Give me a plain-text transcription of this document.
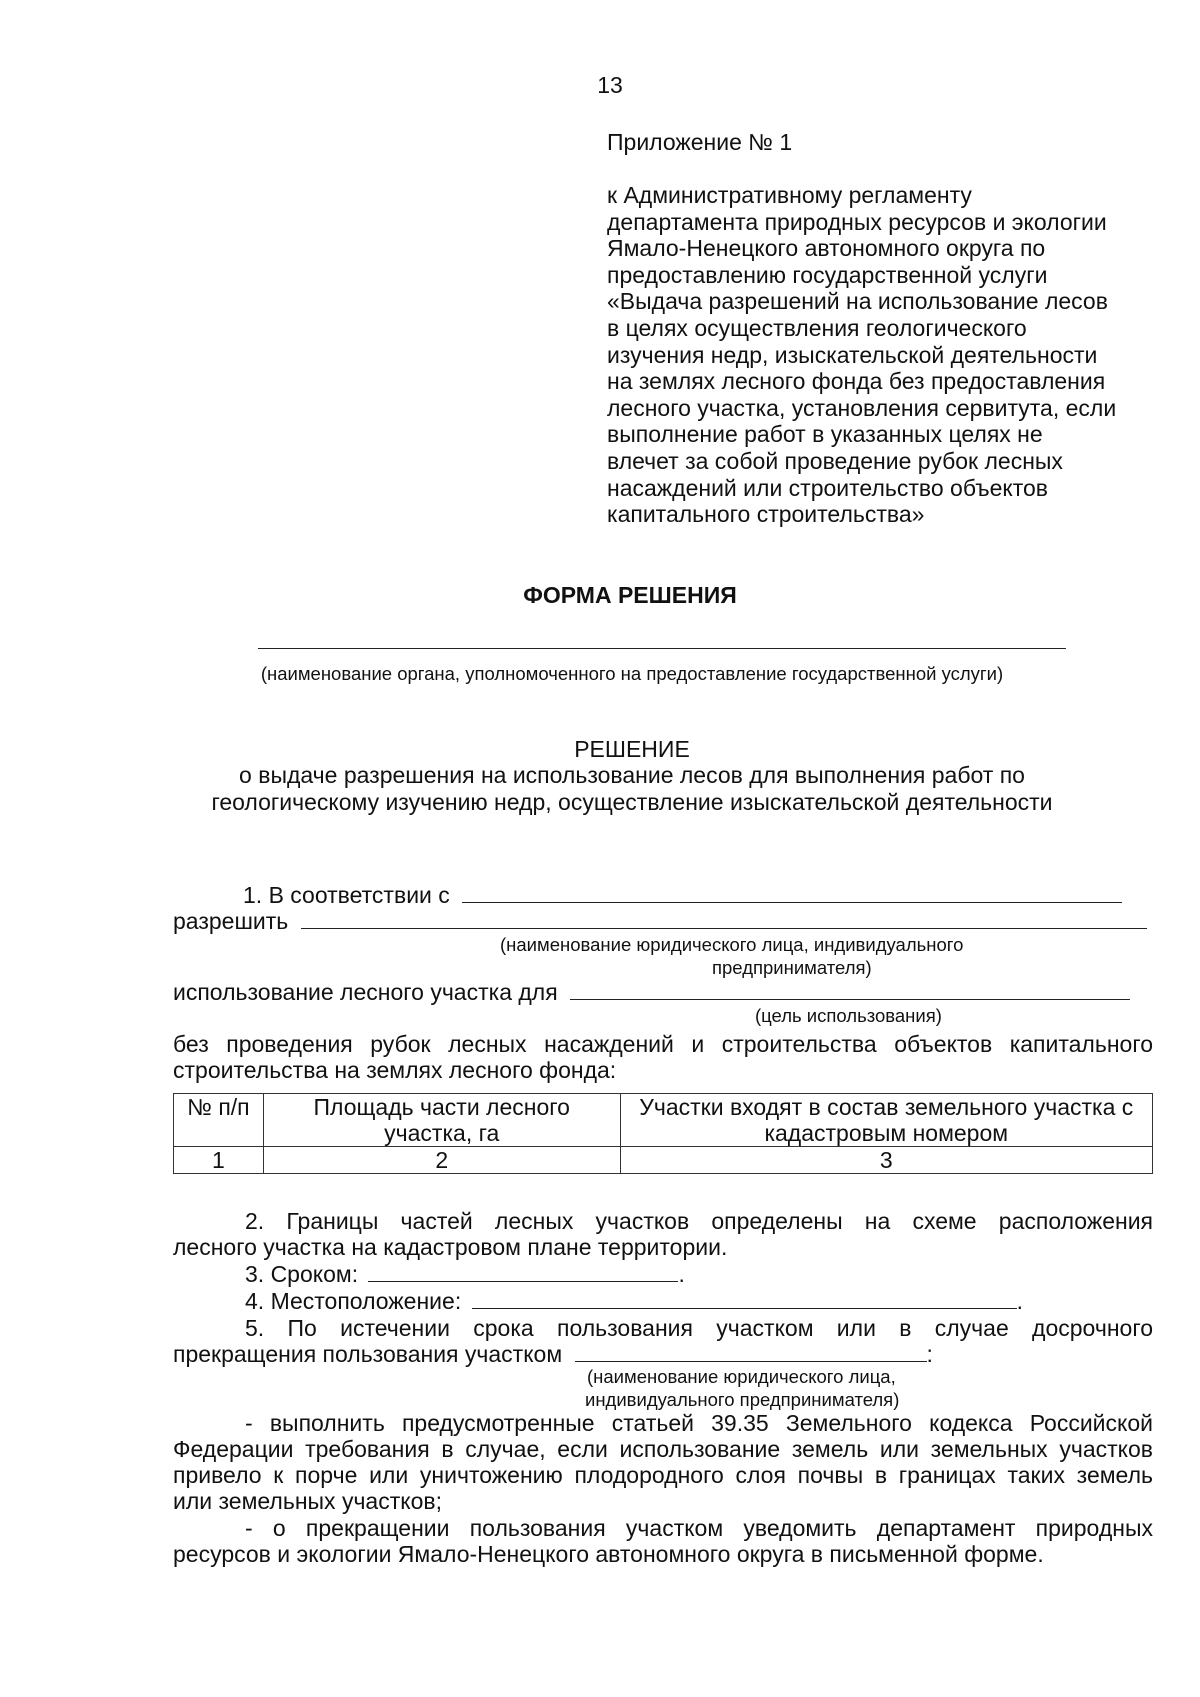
13
Приложение № 1
к Административному регламенту
департамента природных ресурсов и экологии
Ямало-Ненецкого автономного округа по
предоставлению государственной услуги
«Выдача разрешений на использование лесов
в целях осуществления геологического
изучения недр, изыскательской деятельности
на землях лесного фонда без предоставления
лесного участка, установления сервитута, если
выполнение работ в указанных целях не
влечет за собой проведение рубок лесных
насаждений или строительство объектов
капитального строительства»
ФОРМА РЕШЕНИЯ
(наименование органа, уполномоченного на предоставление государственной услуги)
РЕШЕНИЕ
о выдаче разрешения на использование лесов для выполнения работ по
геологическому изучению недр, осуществление изыскательской деятельности
1. В соответствии с
разрешить
(наименование юридического лица, индивидуального
предпринимателя)
использование лесного участка для
(цель использования)
без проведения рубок лесных насаждений и строительства объектов капитального
строительства на землях лесного фонда:
№ п/п	Площадь части лесного участка, га	Участки входят в состав земельного участка с кадастровым номером
1	2	3
2. Границы частей лесных участков определены на схеме расположения
лесного участка на кадастровом плане территории.
3. Сроком:	.
4. Местоположение:	.
5. По истечении срока пользования участком или в случае досрочного
прекращения пользования участком	:
(наименование юридического лица,
индивидуального предпринимателя)
- выполнить предусмотренные статьей 39.35 Земельного кодекса Российской
Федерации требования в случае, если использование земель или земельных участков
привело к порче или уничтожению плодородного слоя почвы в границах таких земель
или земельных участков;
- о прекращении пользования участком уведомить департамент природных
ресурсов и экологии Ямало-Ненецкого автономного округа в письменной форме.
